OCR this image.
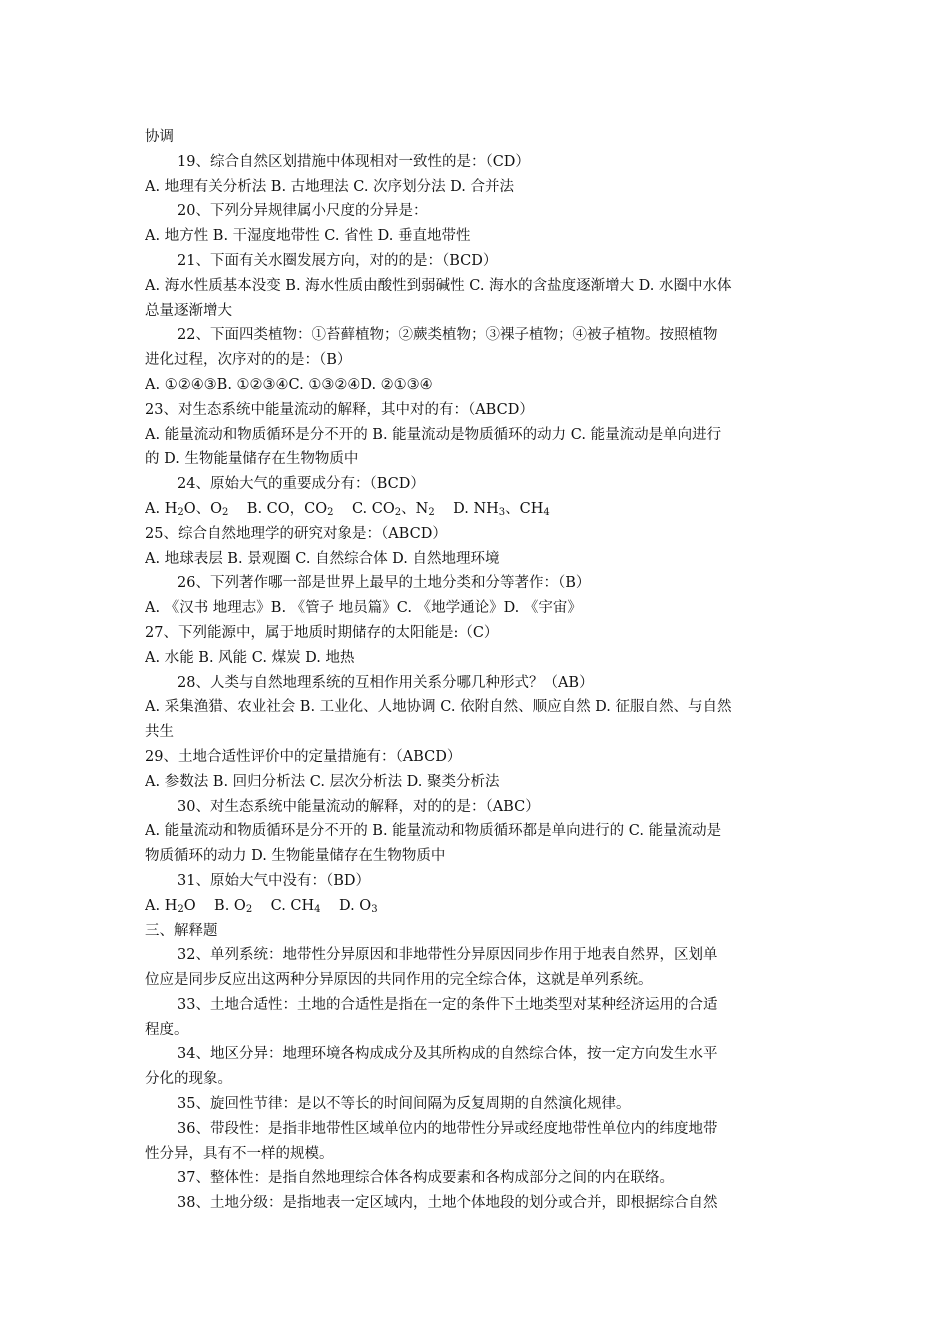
协调
19、综合自然区划措施中体现相对一致性的是：（CD）
A. 地理有关分析法 B. 古地理法 C. 次序划分法 D. 合并法
20、下列分异规律属小尺度的分异是：
A. 地方性 B. 干湿度地带性 C. 省性 D. 垂直地带性
21、下面有关水圈发展方向，对的的是：（BCD）
A. 海水性质基本没变 B. 海水性质由酸性到弱碱性 C. 海水的含盐度逐渐增大 D. 水圈中水体
总量逐渐增大
22、下面四类植物：①苔藓植物；②蕨类植物；③裸子植物；④被子植物。按照植物
进化过程，次序对的的是：（B）
A. ①②④③B. ①②③④C. ①③②④D. ②①③④
23、对生态系统中能量流动的解释，其中对的有：（ABCD）
A. 能量流动和物质循环是分不开的 B. 能量流动是物质循环的动力 C. 能量流动是单向进行
的 D. 生物能量储存在生物物质中
24、原始大气的重要成分有：（BCD）
A. $H_2O$、$O_2$    B. CO，$CO_2$    C. $CO_2$、$N_2$    D. $NH_3$、$CH_4$
25、综合自然地理学的研究对象是：（ABCD）
A. 地球表层 B. 景观圈 C. 自然综合体 D. 自然地理环境
26、下列著作哪一部是世界上最早的土地分类和分等著作：（B）
A. 《汉书 地理志》B. 《管子 地员篇》C. 《地学通论》D. 《宇宙》
27、下列能源中，属于地质时期储存的太阳能是:（C）
A. 水能 B. 风能 C. 煤炭 D. 地热
28、人类与自然地理系统的互相作用关系分哪几种形式？（AB）
A. 采集渔猎、农业社会 B. 工业化、人地协调 C. 依附自然、顺应自然 D. 征服自然、与自然
共生
29、土地合适性评价中的定量措施有：（ABCD）
A. 参数法 B. 回归分析法 C. 层次分析法 D. 聚类分析法
30、对生态系统中能量流动的解释，对的的是：（ABC）
A. 能量流动和物质循环是分不开的 B. 能量流动和物质循环都是单向进行的 C. 能量流动是
物质循环的动力 D. 生物能量储存在生物物质中
31、原始大气中没有：（BD）
A. $H_2O$    B. $O_2$    C. $CH_4$    D. $O_3$
三、解释题
32、单列系统：地带性分异原因和非地带性分异原因同步作用于地表自然界，区划单
位应是同步反应出这两种分异原因的共同作用的完全综合体，这就是单列系统。
33、土地合适性：土地的合适性是指在一定的条件下土地类型对某种经济运用的合适
程度。
34、地区分异：地理环境各构成成分及其所构成的自然综合体，按一定方向发生水平
分化的现象。
35、旋回性节律：是以不等长的时间间隔为反复周期的自然演化规律。
36、带段性：是指非地带性区域单位内的地带性分异或经度地带性单位内的纬度地带
性分异，具有不一样的规模。
37、整体性：是指自然地理综合体各构成要素和各构成部分之间的内在联络。
38、土地分级：是指地表一定区域内，土地个体地段的划分或合并，即根据综合自然
